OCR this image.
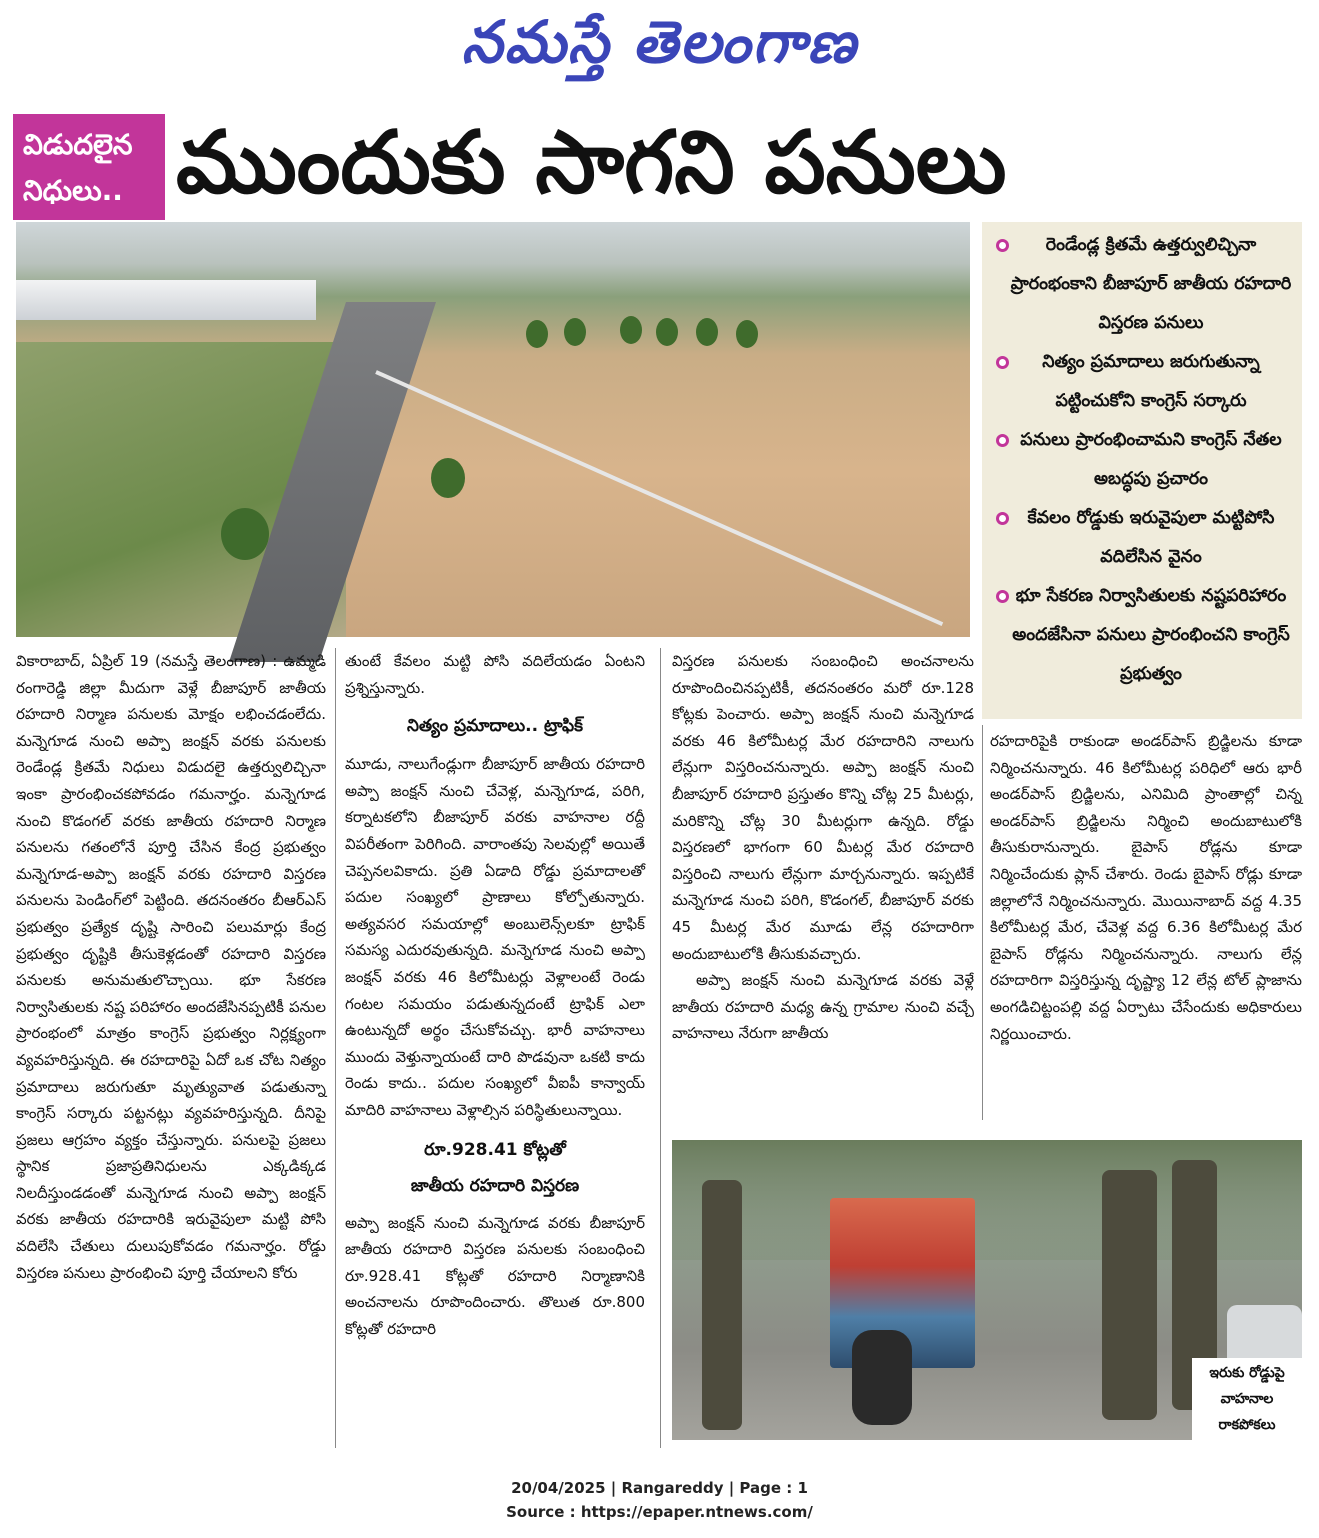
నమస్తే తెలంగాణ
విడుదలైన
నిధులు.. ముందుకు సాగని పనులు
రెండేండ్ల క్రితమే ఉత్తర్వులిచ్చినా ప్రారంభంకాని బీజాపూర్ జాతీయ రహదారి విస్తరణ పనులు
నిత్యం ప్రమాదాలు జరుగుతున్నా పట్టించుకోని కాంగ్రెస్ సర్కారు
పనులు ప్రారంభించామని కాంగ్రెస్ నేతల అబద్ధపు ప్రచారం
కేవలం రోడ్డుకు ఇరువైపులా మట్టిపోసి వదిలేసిన వైనం
భూ సేకరణ నిర్వాసితులకు నష్టపరిహారం అందజేసినా పనులు ప్రారంభించని కాంగ్రెస్ ప్రభుత్వం

వికారాబాద్, ఏప్రిల్ 19 (నమస్తే తెలంగాణ) : ఉమ్మడి రంగారెడ్డి జిల్లా మీదుగా వెళ్లే బీజాపూర్ జాతీయ రహదారి నిర్మాణ పనులకు మోక్షం లభించడంలేదు. మన్నెగూడ నుంచి అప్పా జంక్షన్ వరకు పనులకు రెండేండ్ల క్రితమే నిధులు విడుదలై ఉత్తర్వులిచ్చినా ఇంకా ప్రారంభించకపోవడం గమనార్హం. మన్నెగూడ నుంచి కొడంగల్ వరకు జాతీయ రహదారి నిర్మాణ పనులను గతంలోనే పూర్తి చేసిన కేంద్ర ప్రభుత్వం మన్నెగూడ-అప్పా జంక్షన్ వరకు రహదారి విస్తరణ పనులను పెండింగ్‌లో పెట్టింది. తదనంతరం బీఆర్‌ఎస్ ప్రభుత్వం ప్రత్యేక దృష్టి సారించి పలుమార్లు కేంద్ర ప్రభుత్వం దృష్టికి తీసుకెళ్లడంతో రహదారి విస్తరణ పనులకు అనుమతులొచ్చాయి. భూ సేకరణ నిర్వాసితులకు నష్ట పరిహారం అందజేసినప్పటికీ పనుల ప్రారంభంలో మాత్రం కాంగ్రెస్ ప్రభుత్వం నిర్లక్ష్యంగా వ్యవహరిస్తున్నది. ఈ రహదారిపై ఏదో ఒక చోట నిత్యం ప్రమాదాలు జరుగుతూ మృత్యువాత పడుతున్నా కాంగ్రెస్ సర్కారు పట్టనట్లు వ్యవహరిస్తున్నది. దీనిపై ప్రజలు ఆగ్రహం వ్యక్తం చేస్తున్నారు. పనులపై ప్రజలు స్థానిక ప్రజాప్రతినిధులను ఎక్కడిక్కడ నిలదీస్తుండడంతో మన్నెగూడ నుంచి అప్పా జంక్షన్ వరకు జాతీయ రహదారికి ఇరువైపులా మట్టి పోసి వదిలేసి చేతులు దులుపుకోవడం గమనార్హం. రోడ్డు విస్తరణ పనులు ప్రారంభించి పూర్తి చేయాలని కోరు

తుంటే కేవలం మట్టి పోసి వదిలేయడం ఏంటని ప్రశ్నిస్తున్నారు.

నిత్యం ప్రమాదాలు.. ట్రాఫిక్

మూడు, నాలుగేండ్లుగా బీజాపూర్ జాతీయ రహదారి అప్పా జంక్షన్ నుంచి చేవెళ్ల, మన్నెగూడ, పరిగి, కర్నాటకలోని బీజాపూర్ వరకు వాహనాల రద్దీ విపరీతంగా పెరిగింది. వారాంతపు సెలవుల్లో అయితే చెప్పనలవికాదు. ప్రతి ఏడాది రోడ్డు ప్రమాదాలతో పదుల సంఖ్యలో ప్రాణాలు కోల్పోతున్నారు. అత్యవసర సమయాల్లో అంబులెన్స్‌లకూ ట్రాఫిక్ సమస్య ఎదురవుతున్నది. మన్నెగూడ నుంచి అప్పా జంక్షన్ వరకు 46 కిలోమీటర్లు వెళ్లాలంటే రెండు గంటల సమయం పడుతున్నదంటే ట్రాఫిక్ ఎలా ఉంటున్నదో అర్థం చేసుకోవచ్చు. భారీ వాహనాలు ముందు వెళ్తున్నాయంటే దారి పొడవునా ఒకటి కాదు రెండు కాదు.. పదుల సంఖ్యలో వీఐపీ కాన్వాయ్ మాదిరి వాహనాలు వెళ్లాల్సిన పరిస్థితులున్నాయి.

రూ.928.41 కోట్లతో
జాతీయ రహదారి విస్తరణ

అప్పా జంక్షన్ నుంచి మన్నెగూడ వరకు బీజాపూర్ జాతీయ రహదారి విస్తరణ పనులకు సంబంధించి రూ.928.41 కోట్లతో రహదారి నిర్మాణానికి అంచనాలను రూపొందించారు. తొలుత రూ.800 కోట్లతో రహదారి

విస్తరణ పనులకు సంబంధించి అంచనాలను రూపొందించినప్పటికీ, తదనంతరం మరో రూ.128 కోట్లకు పెంచారు. అప్పా జంక్షన్ నుంచి మన్నెగూడ వరకు 46 కిలోమీటర్ల మేర రహదారిని నాలుగు లేన్లుగా విస్తరించనున్నారు. అప్పా జంక్షన్ నుంచి బీజాపూర్ రహదారి ప్రస్తుతం కొన్ని చోట్ల 25 మీటర్లు, మరికొన్ని చోట్ల 30 మీటర్లుగా ఉన్నది. రోడ్డు విస్తరణలో భాగంగా 60 మీటర్ల మేర రహదారి విస్తరించి నాలుగు లేన్లుగా మార్చనున్నారు. ఇప్పటికే మన్నెగూడ నుంచి పరిగి, కొడంగల్, బీజాపూర్ వరకు 45 మీటర్ల మేర మూడు లేన్ల రహదారిగా అందుబాటులోకి తీసుకువచ్చారు.

అప్పా జంక్షన్ నుంచి మన్నెగూడ వరకు వెళ్లే జాతీయ రహదారి మధ్య ఉన్న గ్రామాల నుంచి వచ్చే వాహనాలు నేరుగా జాతీయ

రహదారిపైకి రాకుండా అండర్‌పాస్ బ్రిడ్జిలను కూడా నిర్మించనున్నారు. 46 కిలోమీటర్ల పరిధిలో ఆరు భారీ అండర్‌పాస్ బ్రిడ్జిలను, ఎనిమిది ప్రాంతాల్లో చిన్న అండర్‌పాస్ బ్రిడ్జిలను నిర్మించి అందుబాటులోకి తీసుకురానున్నారు. బైపాస్ రోడ్లను కూడా నిర్మించేందుకు ప్లాన్ చేశారు. రెండు బైపాస్ రోడ్లు కూడా జిల్లాలోనే నిర్మించనున్నారు. మొయినాబాద్ వద్ద 4.35 కిలోమీటర్ల మేర, చేవెళ్ల వద్ద 6.36 కిలోమీటర్ల మేర బైపాస్ రోడ్లను నిర్మించనున్నారు. నాలుగు లేన్ల రహదారిగా విస్తరిస్తున్న దృష్ట్యా 12 లేన్ల టోల్ ప్లాజాను అంగడిచిట్టంపల్లి వద్ద ఏర్పాటు చేసేందుకు అధికారులు నిర్ణయించారు.

ఇరుకు రోడ్డుపై
వాహనాల
రాకపోకలు
20/04/2025 | Rangareddy | Page : 1
Source : https://epaper.ntnews.com/
